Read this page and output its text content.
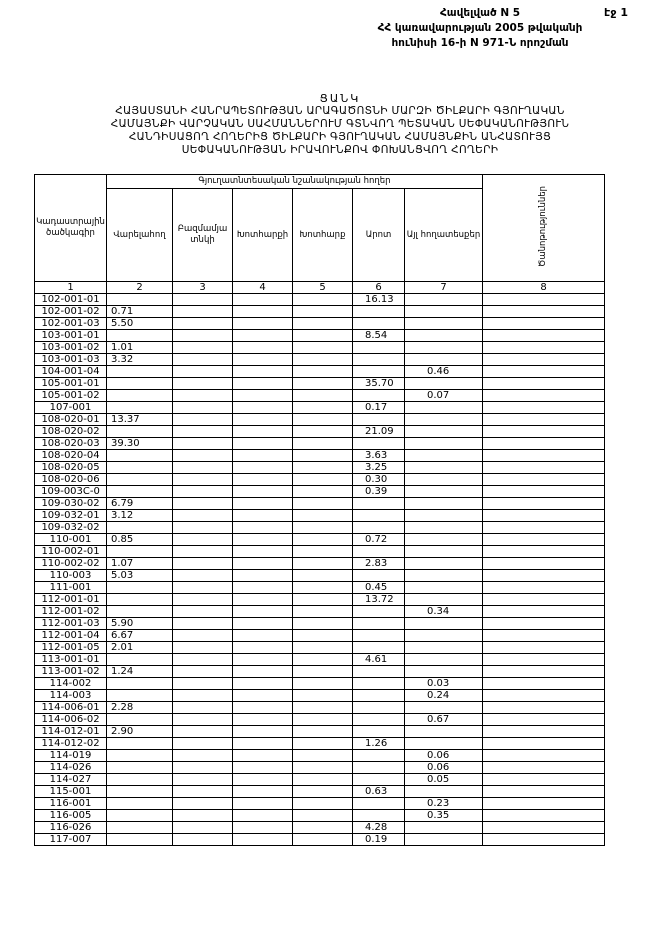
Հավելված N 5
ՀՀ կառավարության 2005 թվականի
հունիսի 16-ի N 971-Ն որոշման
էջ 1
ՑԱՆԿ
ՀԱՅԱՍՏԱՆԻ ՀԱՆՐԱՊԵՏՈՒԹՅԱՆ ԱՐԱԳԱԾՈՏՆԻ ՄԱՐԶԻ ԾԻԼՔԱՐԻ ԳՅՈՒՂԱԿԱՆ
ՀԱՄԱՅՆՔԻ ՎԱՐՉԱԿԱՆ ՍԱՀՄԱՆՆԵՐՈՒՄ ԳՏՆՎՈՂ ՊԵՏԱԿԱՆ ՍԵՓԱԿԱՆՈՒԹՅՈՒՆ
ՀԱՆԴԻՍԱՑՈՂ ՀՈՂԵՐԻՑ ԾԻԼՔԱՐԻ ԳՅՈՒՂԱԿԱՆ ՀԱՄԱՅՆՔԻՆ ԱՆՀԱՏՈՒՅՑ
ՍԵՓԱԿԱՆՈՒԹՅԱՆ ԻՐԱՎՈՒՆՔՈՎ ՓՈԽԱՆՑՎՈՂ ՀՈՂԵՐԻ
Կադաստրային ծածկագիր	Գյուղատնտեսական նշանակության հողեր						Ծանոթություններ
	Վարելահող	Բազմամյա տնկի	Խոտհարքի	Խոտհարք	Արոտ	Այլ հողատեսքեր	
1	2	3	4	5	6	7	8
102-001-01					16.13		
102-001-02	0.71						
102-001-03	5.50						
103-001-01					8.54		
103-001-02	1.01						
103-001-03	3.32						
104-001-04						0.46	
105-001-01					35.70		
105-001-02						0.07	
107-001					0.17		
108-020-01	13.37						
108-020-02					21.09		
108-020-03	39.30						
108-020-04					3.63		
108-020-05					3.25		
108-020-06					0.30		
109-003C-0					0.39		
109-030-02	6.79						
109-032-01	3.12						
109-032-02							
110-001	0.85				0.72		
110-002-01							
110-002-02	1.07				2.83		
110-003	5.03						
111-001					0.45		
112-001-01					13.72		
112-001-02						0.34	
112-001-03	5.90						
112-001-04	6.67						
112-001-05	2.01						
113-001-01					4.61		
113-001-02	1.24						
114-002						0.03	
114-003						0.24	
114-006-01	2.28						
114-006-02						0.67	
114-012-01	2.90						
114-012-02					1.26		
114-019						0.06	
114-026						0.06	
114-027						0.05	
115-001					0.63		
116-001						0.23	
116-005						0.35	
116-026					4.28		
117-007					0.19		
